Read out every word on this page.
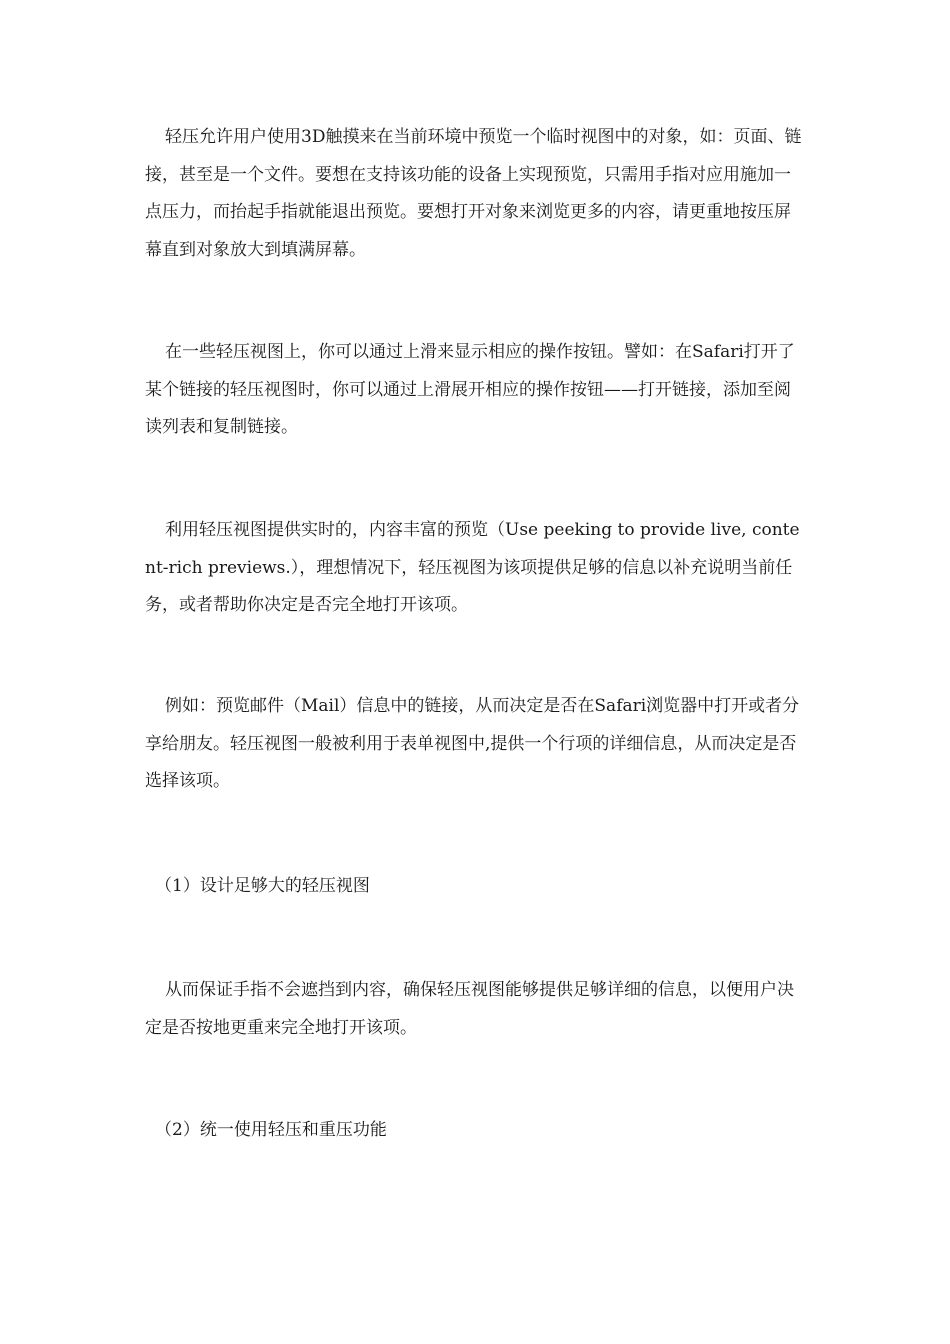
轻压允许用户使用3D触摸来在当前环境中预览一个临时视图中的对象，如：页面、链接，甚至是一个文件。要想在支持该功能的设备上实现预览，只需用手指对应用施加一点压力，而抬起手指就能退出预览。要想打开对象来浏览更多的内容，请更重地按压屏幕直到对象放大到填满屏幕。

在一些轻压视图上，你可以通过上滑来显示相应的操作按钮。譬如：在Safari打开了某个链接的轻压视图时，你可以通过上滑展开相应的操作按钮——打开链接，添加至阅读列表和复制链接。

利用轻压视图提供实时的，内容丰富的预览（Use peeking to provide live, content-rich previews.），理想情况下，轻压视图为该项提供足够的信息以补充说明当前任务，或者帮助你决定是否完全地打开该项。

例如：预览邮件（Mail）信息中的链接，从而决定是否在Safari浏览器中打开或者分享给朋友。轻压视图一般被利用于表单视图中,提供一个行项的详细信息，从而决定是否选择该项。

（1）设计足够大的轻压视图

从而保证手指不会遮挡到内容，确保轻压视图能够提供足够详细的信息，以便用户决定是否按地更重来完全地打开该项。

（2）统一使用轻压和重压功能
